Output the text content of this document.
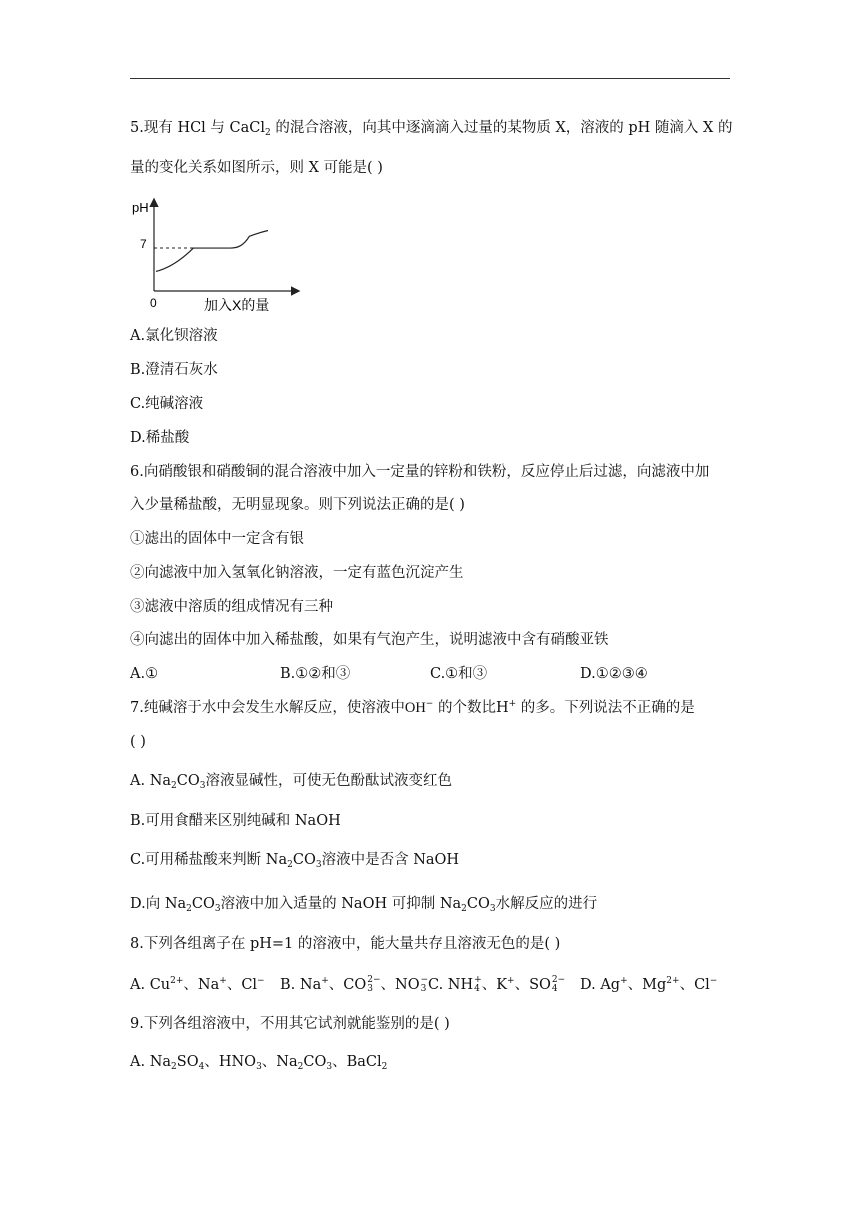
5.现有 HCl 与 CaCl$_2$ 的混合溶液，向其中逐滴滴入过量的某物质 X，溶液的 pH 随滴入 X 的
量的变化关系如图所示，则 X 可能是( )
pH
7
0	加入X的量
A.氯化钡溶液
B.澄清石灰水
C.纯碱溶液
D.稀盐酸
6.向硝酸银和硝酸铜的混合溶液中加入一定量的锌粉和铁粉，反应停止后过滤，向滤液中加
入少量稀盐酸，无明显现象。则下列说法正确的是( )
①滤出的固体中一定含有银
②向滤液中加入氢氧化钠溶液，一定有蓝色沉淀产生
③滤液中溶质的组成情况有三种
④向滤出的固体中加入稀盐酸，如果有气泡产生，说明滤液中含有硝酸亚铁
A.①	B.①②和③	C.①和③	D.①②③④
7.纯碱溶于水中会发生水解反应，使溶液中OH− 的个数比H+ 的多。下列说法不正确的是
( )
A. $Na_2CO_3$溶液显碱性，可使无色酚酞试液变红色
B.可用食醋来区别纯碱和 NaOH
C.可用稀盐酸来判断 $Na_2CO_3$溶液中是否含 NaOH
D.向 $Na_2CO_3$溶液中加入适量的 NaOH 可抑制 $Na_2CO_3$水解反应的进行
8.下列各组离子在 pH=1 的溶液中，能大量共存且溶液无色的是( )
A. $Cu^{2+}$、Na+、Cl− B. Na+、CO 2−
3 、NO −
3 C. NH +
4 、K+、SO 2−
4	D. Ag+、$Mg^{2+}$、Cl−
9.下列各组溶液中，不用其它试剂就能鉴别的是( )
A. $Na_2SO_4$、$HNO_3$、$Na_2CO_3$、BaCl$_2$
